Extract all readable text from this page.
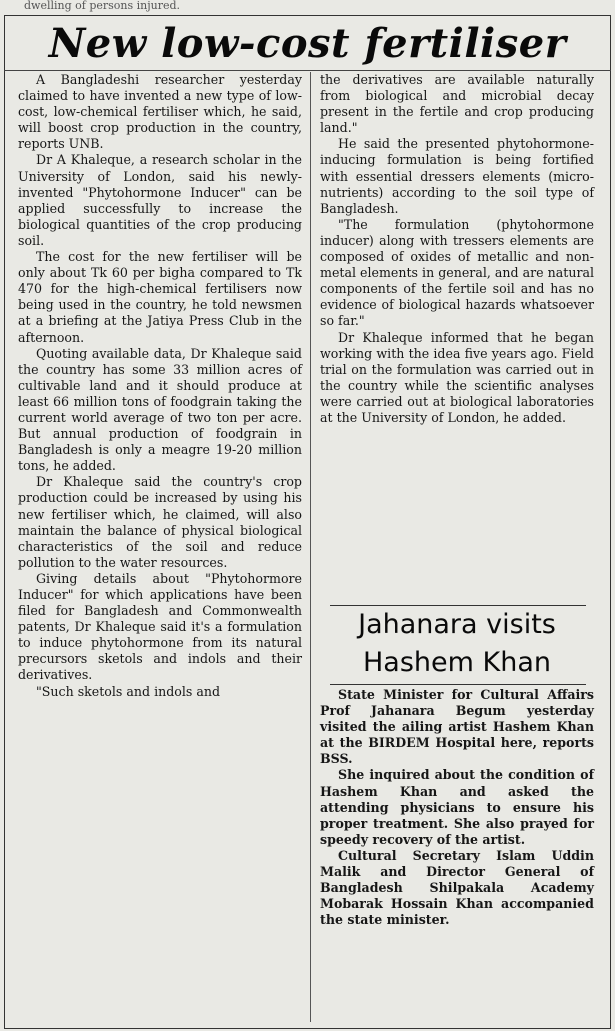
dwelling of persons injured.
New low-cost fertiliser

A Bangladeshi researcher yesterday claimed to have invented a new type of low-cost, low-chemical fertiliser which, he said, will boost crop production in the country, reports UNB.

Dr A Khaleque, a research scholar in the University of London, said his newly-invented "Phytohormone Inducer" can be applied successfully to increase the biological quantities of the crop producing soil.

The cost for the new fertiliser will be only about Tk 60 per bigha compared to Tk 470 for the high-chemical fertilisers now being used in the country, he told newsmen at a briefing at the Jatiya Press Club in the afternoon.

Quoting available data, Dr Khaleque said the country has some 33 million acres of cultivable land and it should produce at least 66 million tons of foodgrain taking the current world average of two ton per acre. But annual production of foodgrain in Bangladesh is only a meagre 19-20 million tons, he added.

Dr Khaleque said the country's crop production could be increased by using his new fertiliser which, he claimed, will also maintain the balance of physical biological characteristics of the soil and reduce pollution to the water resources.

Giving details about "Phytohormore Inducer" for which applications have been filed for Bangladesh and Commonwealth patents, Dr Khaleque said it's a formulation to induce phytohormone from its natural precursors sketols and indols and their derivatives.

"Such sketols and indols and

the derivatives are available naturally from biological and microbial decay present in the fertile and crop producing land."

He said the presented phytohormone-inducing formulation is being fortified with essential dressers elements (micro-nutrients) according to the soil type of Bangladesh.

"The formulation (phytohormone inducer) along with tressers elements are composed of oxides of metallic and non-metal elements in general, and are natural components of the fertile soil and has no evidence of biological hazards whatsoever so far."

Dr Khaleque informed that he began working with the idea five years ago. Field trial on the formulation was carried out in the country while the scientific analyses were carried out at biological laboratories at the University of London, he added.

Jahanara visits
Hashem Khan

State Minister for Cultural Affairs Prof Jahanara Begum yesterday visited the ailing artist Hashem Khan at the BIRDEM Hospital here, reports BSS.

She inquired about the condition of Hashem Khan and asked the attending physicians to ensure his proper treatment. She also prayed for speedy recovery of the artist.

Cultural Secretary Islam Uddin Malik and Director General of Bangladesh Shilpakala Academy Mobarak Hossain Khan accompanied the state minister.
